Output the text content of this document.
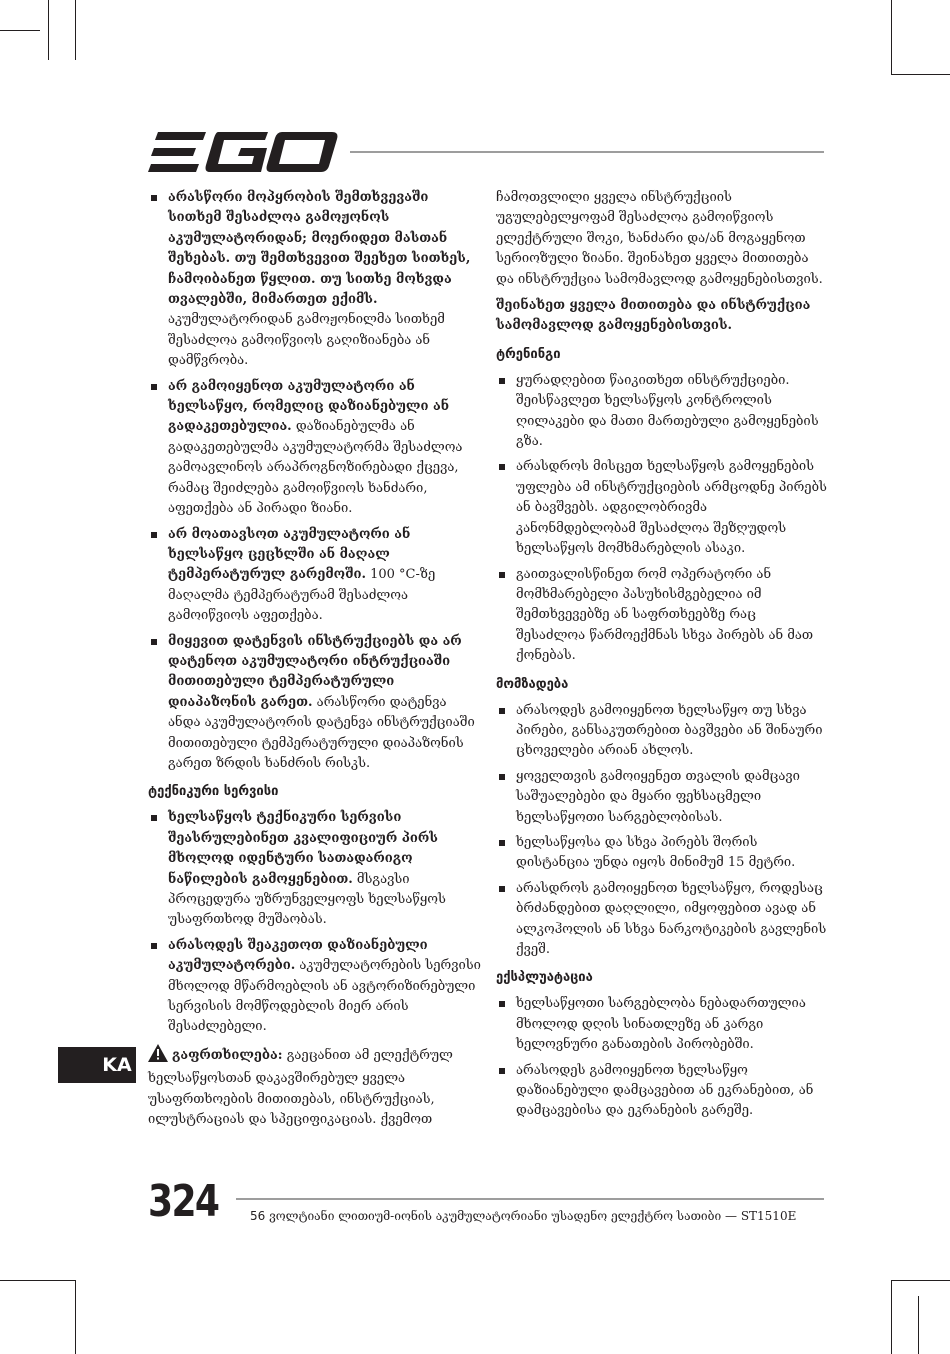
არასწორი მოპყრობის შემთხვევაში სითხემ შესაძლოა გამოჟონოს აკუმულატორიდან; მოერიდეთ მასთან შეხებას. თუ შემთხვევით შეეხეთ სითხეს, ჩამოიბანეთ წყლით. თუ სითხე მოხვდა თვალებში, მიმართეთ ექიმს. აკუმულატორიდან გამოჟონილმა სითხემ შესაძლოა გამოიწვიოს გაღიზიანება ან დამწვრობა.
არ გამოიყენოთ აკუმულატორი ან ხელსაწყო, რომელიც დაზიანებული ან გადაკეთებულია. დაზიანებულმა ან გადაკეთებულმა აკუმულატორმა შესაძლოა გამოავლინოს არაპროგნოზირებადი ქცევა, რამაც შეიძლება გამოიწვიოს ხანძარი, აფეთქება ან პირადი ზიანი.
არ მოათავსოთ აკუმულატორი ან ხელსაწყო ცეცხლში ან მაღალ ტემპერატურულ გარემოში. 100 °C-ზე მაღალმა ტემპერატურამ შესაძლოა გამოიწვიოს აფეთქება.
მიყევით დატენვის ინსტრუქციებს და არ დატენოთ აკუმულატორი ინტრუქციაში მითითებული ტემპერატურული დიაპაზონის გარეთ. არასწორი დატენვა ანდა აკუმულატორის დატენვა ინსტრუქციაში მითითებული ტემპერატურული დიაპაზონის გარეთ ზრდის ხანძრის რისკს.
ტექნიკური სერვისი
ხელსაწყოს ტექნიკური სერვისი შეასრულებინეთ კვალიფიციურ პირს მხოლოდ იდენტური სათადარიგო ნაწილების გამოყენებით. მსგავსი პროცედურა უზრუნველყოფს ხელსაწყოს უსაფრთხოდ მუშაობას.
არასოდეს შეაკეთოთ დაზიანებული აკუმულატორები. აკუმულატორების სერვისი მხოლოდ მწარმოებლის ან ავტორიზირებული სერვისის მომწოდებლის მიერ არის შესაძლებელი.

გაფრთხილება: გაეცანით ამ ელექტრულ ხელსაწყოსთან დაკავშირებულ ყველა უსაფრთხოების მითითებას, ინსტრუქციას, ილუსტრაციას და სპეციფიკაციას. ქვემოთ

ჩამოთვლილი ყველა ინსტრუქციის უგულებელყოფამ შესაძლოა გამოიწვიოს ელექტრული შოკი, ხანძარი და/ან მოგაყენოთ სერიოზული ზიანი. შეინახეთ ყველა მითითება და ინსტრუქცია სამომავლოდ გამოყენებისთვის.

შეინახეთ ყველა მითითება და ინსტრუქცია სამომავლოდ გამოყენებისთვის.

ტრენინგი
ყურადღებით წაიკითხეთ ინსტრუქციები. შეისწავლეთ ხელსაწყოს კონტროლის ღილაკები და მათი მართებული გამოყენების გზა.
არასდროს მისცეთ ხელსაწყოს გამოყენების უფლება ამ ინსტრუქციების არმცოდნე პირებს ან ბავშვებს. ადგილობრივმა კანონმდებლობამ შესაძლოა შეზღუდოს ხელსაწყოს მომხმარებლის ასაკი.
გაითვალისწინეთ რომ ოპერატორი ან მომხმარებელი პასუხისმგებელია იმ შემთხვევებზე ან საფრთხეებზე რაც შესაძლოა წარმოექმნას სხვა პირებს ან მათ ქონებას.
მომზადება
არასოდეს გამოიყენოთ ხელსაწყო თუ სხვა პირები, განსაკუთრებით ბავშვები ან შინაური ცხოველები არიან ახლოს.
ყოველთვის გამოიყენეთ თვალის დამცავი საშუალებები და მყარი ფეხსაცმელი ხელსაწყოთი სარგებლობისას.
ხელსაწყოსა და სხვა პირებს შორის დისტანცია უნდა იყოს მინიმუმ 15 მეტრი.
არასდროს გამოიყენოთ ხელსაწყო, როდესაც ბრძანდებით დაღლილი, იმყოფებით ავად ან ალკოჰოლის ან სხვა ნარკოტიკების გავლენის ქვეშ.
ექსპლუატაცია
ხელსაწყოთი სარგებლობა ნებადართულია მხოლოდ დღის სინათლეზე ან კარგი ხელოვნური განათების პირობებში.
არასოდეს გამოიყენოთ ხელსაწყო დაზიანებული დამცავებით ან ეკრანებით, ან დამცავებისა და ეკრანების გარეშე.
KA
324	56 ვოლტიანი ლითიუმ-იონის აკუმულატორიანი უსადენო ელექტრო სათიბი — ST1510E
